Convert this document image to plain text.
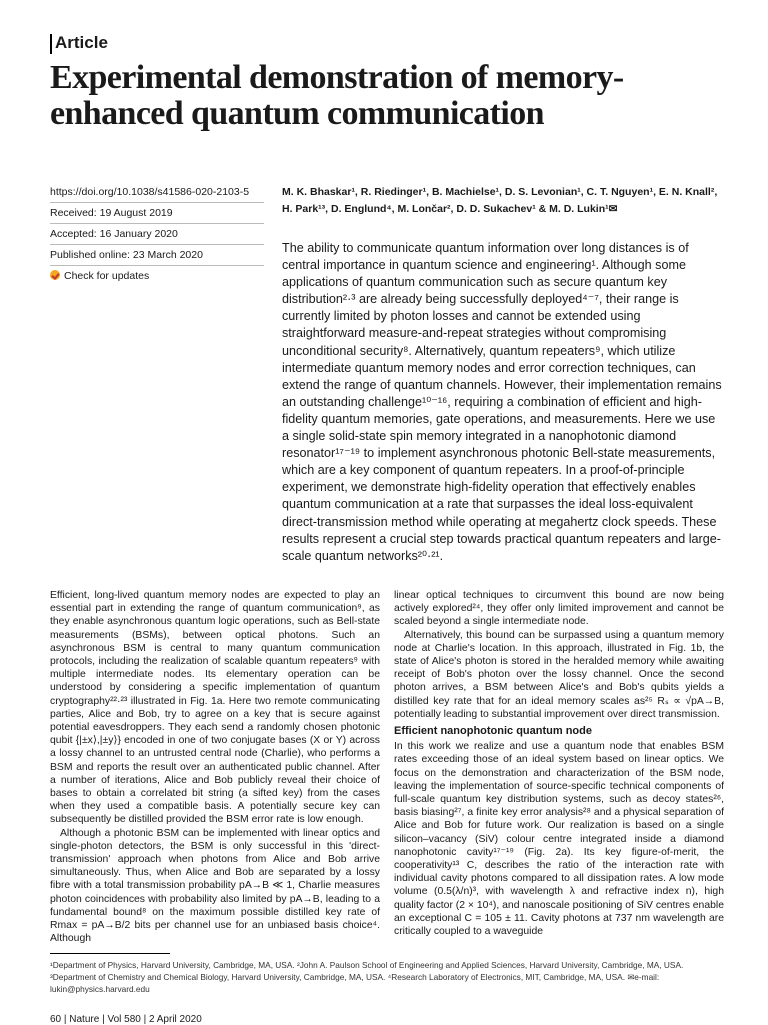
Article
Experimental demonstration of memory-enhanced quantum communication
https://doi.org/10.1038/s41586-020-2103-5
Received: 19 August 2019
Accepted: 16 January 2020
Published online: 23 March 2020
Check for updates
M. K. Bhaskar¹, R. Riedinger¹, B. Machielse¹, D. S. Levonian¹, C. T. Nguyen¹, E. N. Knall², H. Park¹³, D. Englund⁴, M. Lončar², D. D. Sukachev¹ & M. D. Lukin¹✉
The ability to communicate quantum information over long distances is of central importance in quantum science and engineering¹. Although some applications of quantum communication such as secure quantum key distribution²·³ are already being successfully deployed⁴⁻⁷, their range is currently limited by photon losses and cannot be extended using straightforward measure-and-repeat strategies without compromising unconditional security⁸. Alternatively, quantum repeaters⁹, which utilize intermediate quantum memory nodes and error correction techniques, can extend the range of quantum channels. However, their implementation remains an outstanding challenge¹⁰⁻¹⁶, requiring a combination of efficient and high-fidelity quantum memories, gate operations, and measurements. Here we use a single solid-state spin memory integrated in a nanophotonic diamond resonator¹⁷⁻¹⁹ to implement asynchronous photonic Bell-state measurements, which are a key component of quantum repeaters. In a proof-of-principle experiment, we demonstrate high-fidelity operation that effectively enables quantum communication at a rate that surpasses the ideal loss-equivalent direct-transmission method while operating at megahertz clock speeds. These results represent a crucial step towards practical quantum repeaters and large-scale quantum networks²⁰·²¹.

Efficient, long-lived quantum memory nodes are expected to play an essential part in extending the range of quantum communication⁹, as they enable asynchronous quantum logic operations, such as Bell-state measurements (BSMs), between optical photons. Such an asynchronous BSM is central to many quantum communication protocols, including the realization of scalable quantum repeaters⁹ with multiple intermediate nodes. Its elementary operation can be understood by considering a specific implementation of quantum cryptography²²·²³ illustrated in Fig. 1a. Here two remote communicating parties, Alice and Bob, try to agree on a key that is secure against potential eavesdroppers. They each send a randomly chosen photonic qubit {|±x⟩,|±y⟩} encoded in one of two conjugate bases (X or Y) across a lossy channel to an untrusted central node (Charlie), who performs a BSM and reports the result over an authenticated public channel. After a number of iterations, Alice and Bob publicly reveal their choice of bases to obtain a correlated bit string (a sifted key) from the cases when they used a compatible basis. A potentially secure key can subsequently be distilled provided the BSM error rate is low enough.

Although a photonic BSM can be implemented with linear optics and single-photon detectors, the BSM is only successful in this 'direct-transmission' approach when photons from Alice and Bob arrive simultaneously. Thus, when Alice and Bob are separated by a lossy fibre with a total transmission probability pA→B ≪ 1, Charlie measures photon coincidences with probability also limited by pA→B, leading to a fundamental bound⁸ on the maximum possible distilled key rate of Rmax = pA→B/2 bits per channel use for an unbiased basis choice⁴. Although

linear optical techniques to circumvent this bound are now being actively explored²⁴, they offer only limited improvement and cannot be scaled beyond a single intermediate node.

Alternatively, this bound can be surpassed using a quantum memory node at Charlie's location. In this approach, illustrated in Fig. 1b, the state of Alice's photon is stored in the heralded memory while awaiting receipt of Bob's photon over the lossy channel. Once the second photon arrives, a BSM between Alice's and Bob's qubits yields a distilled key rate that for an ideal memory scales as²⁵ Rₛ ∝ √pA→B, potentially leading to substantial improvement over direct transmission.

Efficient nanophotonic quantum node

In this work we realize and use a quantum node that enables BSM rates exceeding those of an ideal system based on linear optics. We focus on the demonstration and characterization of the BSM node, leaving the implementation of source-specific technical components of full-scale quantum key distribution systems, such as decoy states²⁶, basis biasing²⁷, a finite key error analysis²⁸ and a physical separation of Alice and Bob for future work. Our realization is based on a single silicon–vacancy (SiV) colour centre integrated inside a diamond nanophotonic cavity¹⁷⁻¹⁹ (Fig. 2a). Its key figure-of-merit, the cooperativity¹³ C, describes the ratio of the interaction rate with individual cavity photons compared to all dissipation rates. A low mode volume (0.5(λ/n)³, with wavelength λ and refractive index n), high quality factor (2 × 10⁴), and nanoscale positioning of SiV centres enable an exceptional C = 105 ± 11. Cavity photons at 737 nm wavelength are critically coupled to a waveguide

¹Department of Physics, Harvard University, Cambridge, MA, USA. ²John A. Paulson School of Engineering and Applied Sciences, Harvard University, Cambridge, MA, USA. ³Department of Chemistry and Chemical Biology, Harvard University, Cambridge, MA, USA. ⁴Research Laboratory of Electronics, MIT, Cambridge, MA, USA. ✉e-mail: lukin@physics.harvard.edu
60 | Nature | Vol 580 | 2 April 2020
